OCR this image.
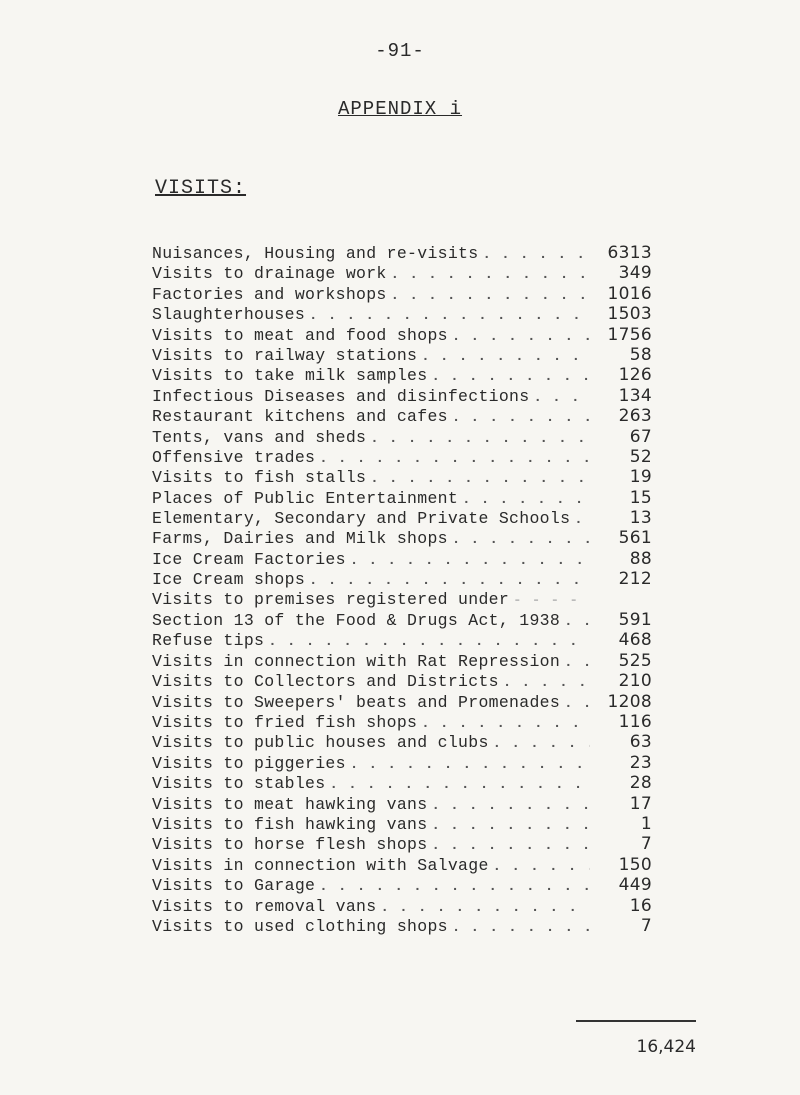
-91-
APPENDIX i
VISITS:
Nuisances, Housing and re-visits . . .	6313
Visits to drainage work . . .	349
Factories and workshops . . .	1016
Slaughterhouses . . .	1503
Visits to meat and food shops . . .	1756
Visits to railway stations . . .	58
Visits to take milk samples . . .	126
Infectious Diseases and disinfections . . .	134
Restaurant kitchens and cafes . . .	263
Tents, vans and sheds . . .	67
Offensive trades . . .	52
Visits to fish stalls . . .	19
Places of Public Entertainment . . .	15
Elementary, Secondary and Private Schools . . .	13
Farms, Dairies and Milk shops . . .	561
Ice Cream Factories . . .	88
Ice Cream shops . . .	212
Visits to premises registered under
- - -
Section 13 of the Food & Drugs Act, 1938 . . .	591
Refuse tips . . .	468
Visits in connection with Rat Repression . . .	525
Visits to Collectors and Districts . . .	210
Visits to Sweepers' beats and Promenades . . .	1208
Visits to fried fish shops . . .	116
Visits to public houses and clubs . . .	63
Visits to piggeries . . .	23
Visits to stables . . .	28
Visits to meat hawking vans . . .	17
Visits to fish hawking vans . . .	1
Visits to horse flesh shops . . .	7
Visits in connection with Salvage . . .	150
Visits to Garage . . .	449
Visits to removal vans . . .	16
Visits to used clothing shops . . .	7
16,424
